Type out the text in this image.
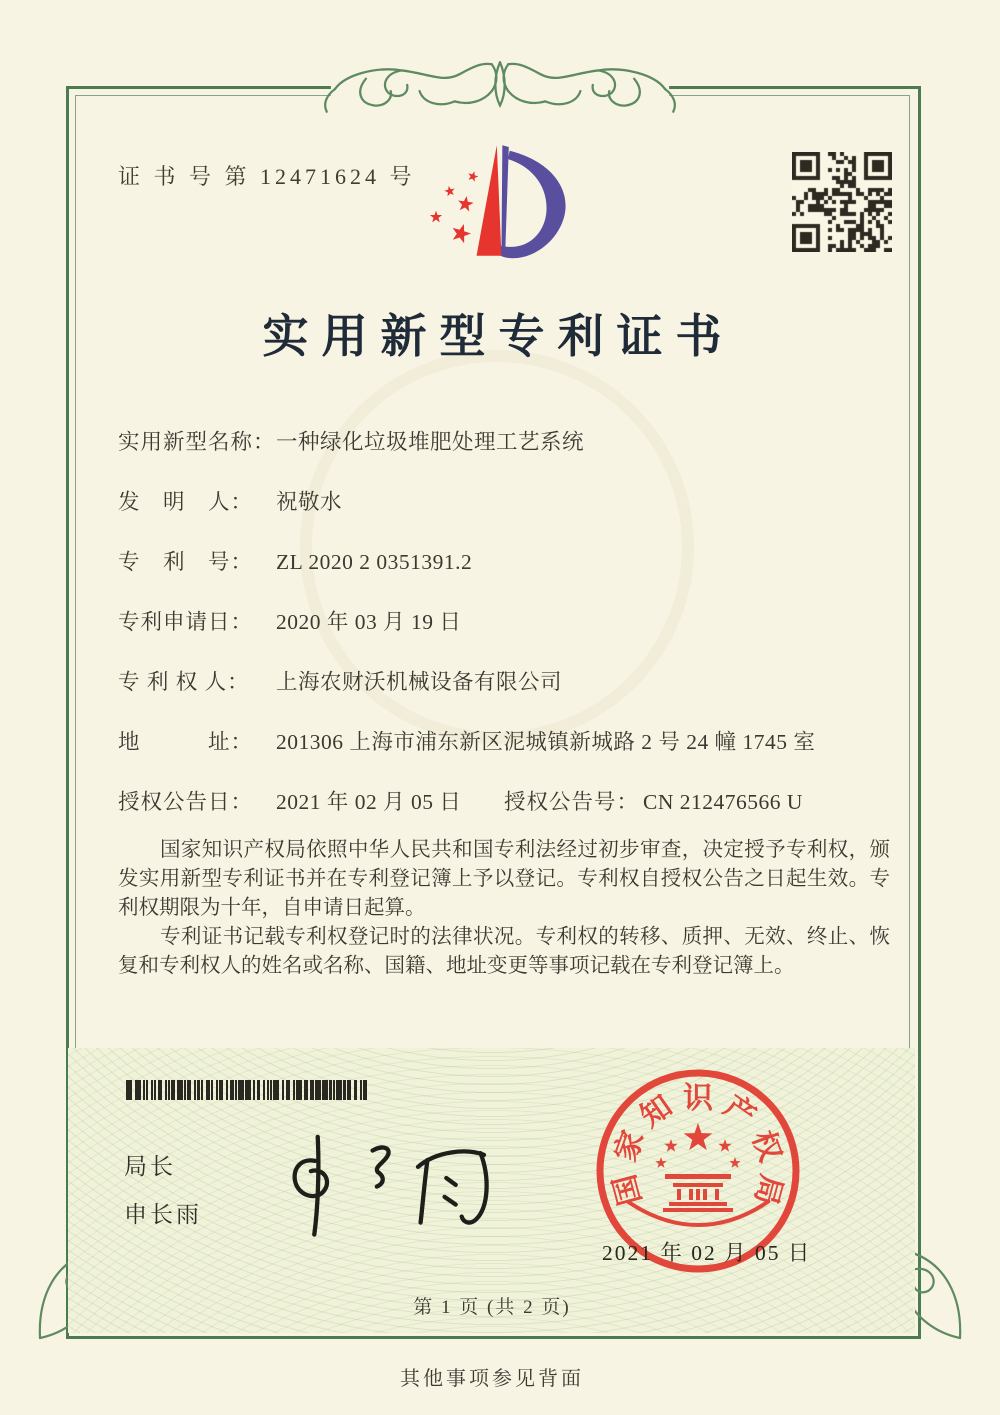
证 书 号 第 12471624 号
实用新型专利证书
实用新型名称： 一种绿化垃圾堆肥处理工艺系统
发　明　人：	祝敬水
专　利　号：	ZL 2020 2 0351391.2
专利申请日：	2020 年 03 月 19 日
专 利 权 人：	上海农财沃机械设备有限公司
地　　　址：	201306 上海市浦东新区泥城镇新城路 2 号 24 幢 1745 室
授权公告日：	2021 年 02 月 05 日	授权公告号： CN 212476566 U

国家知识产权局依照中华人民共和国专利法经过初步审查，决定授予专利权，颁发实用新型专利证书并在专利登记簿上予以登记。专利权自授权公告之日起生效。专利权期限为十年，自申请日起算。

专利证书记载专利权登记时的法律状况。专利权的转移、质押、无效、终止、恢复和专利权人的姓名或名称、国籍、地址变更等事项记载在专利登记簿上。

局长
申长雨
国
家
知 识 产
权
局
2021 年 02 月 05 日
第 1 页 (共 2 页)
其他事项参见背面
